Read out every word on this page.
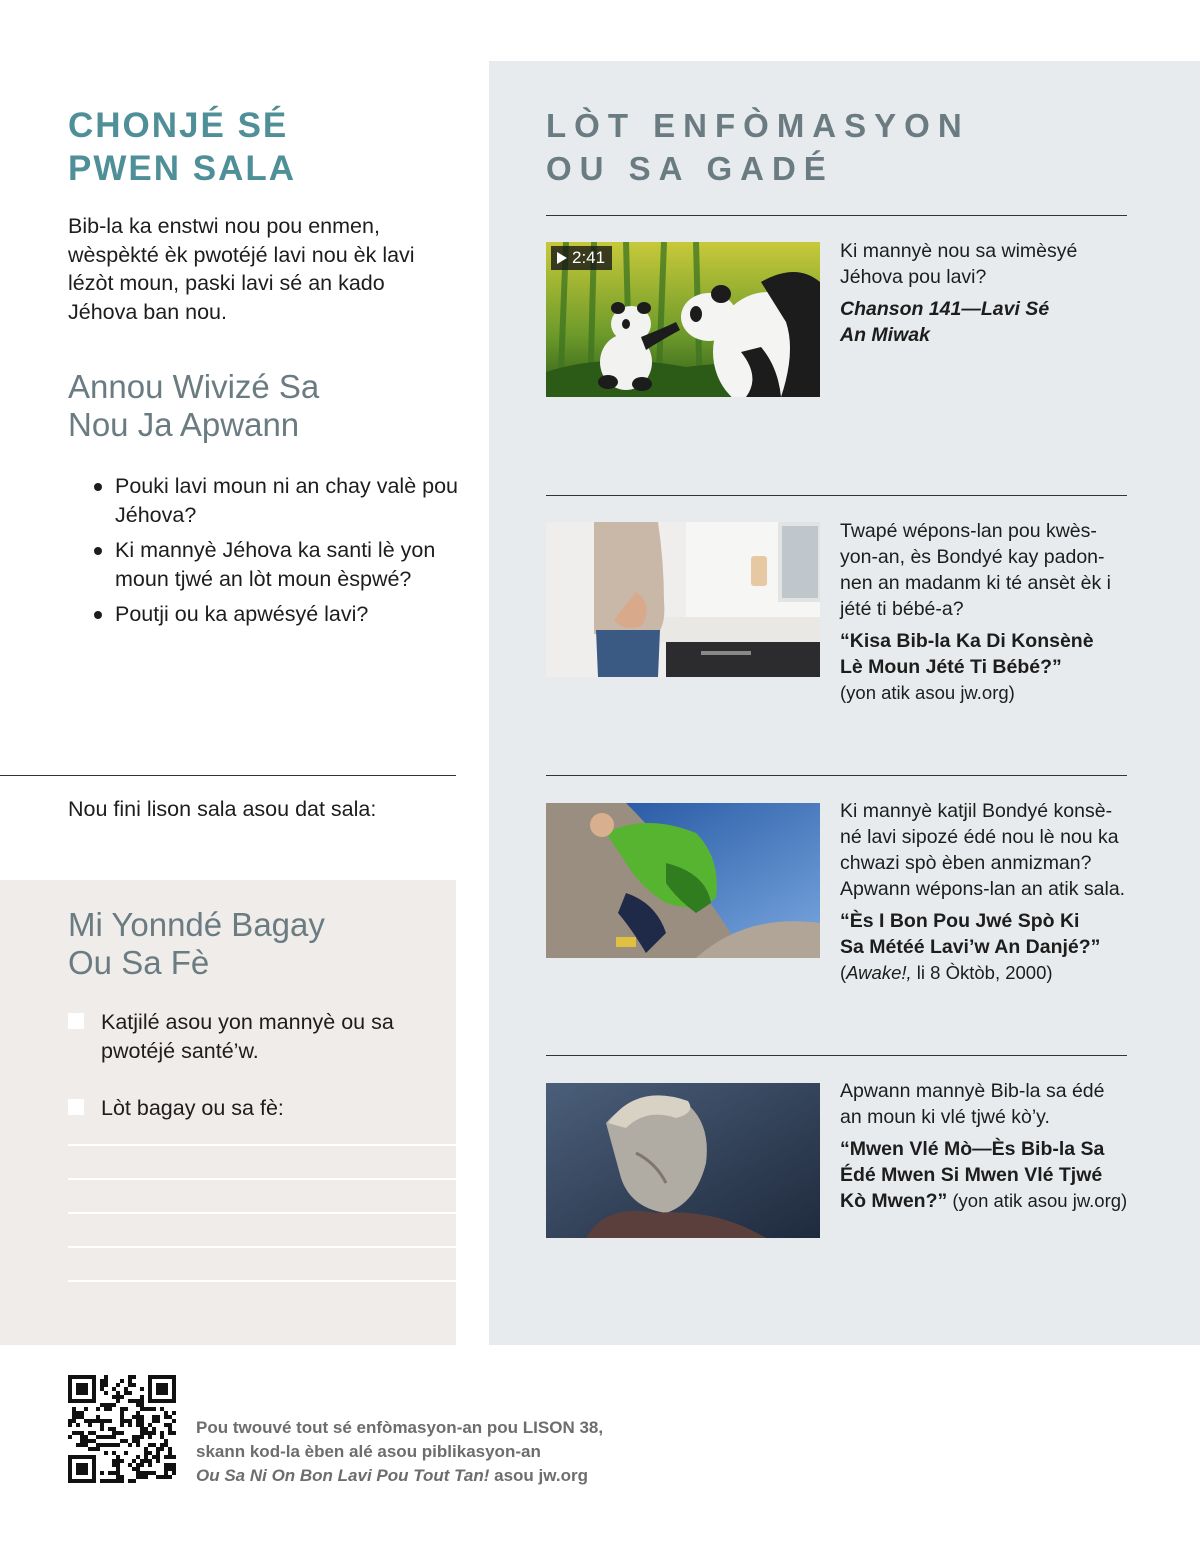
CHONJÉ SÉ
PWEN SALA

Bib-la ka enstwi nou pou enmen, wèspèkté èk pwotéjé lavi nou èk lavi lézòt moun, paski lavi sé an kado Jéhova ban nou.

Annou Wivizé Sa
Nou Ja Apwann
Pouki lavi moun ni an chay valè pou Jéhova?
Ki mannyè Jéhova ka santi lè yon moun tjwé an lòt moun èspwé?
Poutji ou ka apwésyé lavi?

Nou fini lison sala asou dat sala:

Mi Yonndé Bagay
Ou Sa Fè
Katjilé asou yon mannyè ou sa pwotéjé santé’w.
Lòt bagay ou sa fè:
LÒT ENFÒMASYON
OU SA GADÉ
2:41	Ki mannyè nou sa wimèsyé Jéhova pou lavi?

Chanson 141—Lavi Sé
An Miwak

Twapé wépons-lan pou kwès-yon-an, ès Bondyé kay padon-nen an madanm ki té ansèt èk i jété ti bébé-a?

“Kisa Bib-la Ka Di Konsènè
Lè Moun Jété Ti Bébé?”

(yon atik asou jw.org)

Ki mannyè katjil Bondyé konsè-né lavi sipozé édé nou lè nou ka chwazi spò èben anmizman? Apwann wépons-lan an atik sala.

“Ès I Bon Pou Jwé Spò Ki
Sa Météé Lavi’w An Danjé?”

(Awake!, li 8 Òktòb, 2000)

Apwann mannyè Bib-la sa édé an moun ki vlé tjwé kò’y.

“Mwen Vlé Mò—Ès Bib-la Sa
Édé Mwen Si Mwen Vlé Tjwé
Kò Mwen?” (yon atik asou jw.org)

Pou twouvé tout sé enfòmasyon-an pou LISON 38,
skann kod-la èben alé asou piblikasyon-an
Ou Sa Ni On Bon Lavi Pou Tout Tan! asou jw.org
